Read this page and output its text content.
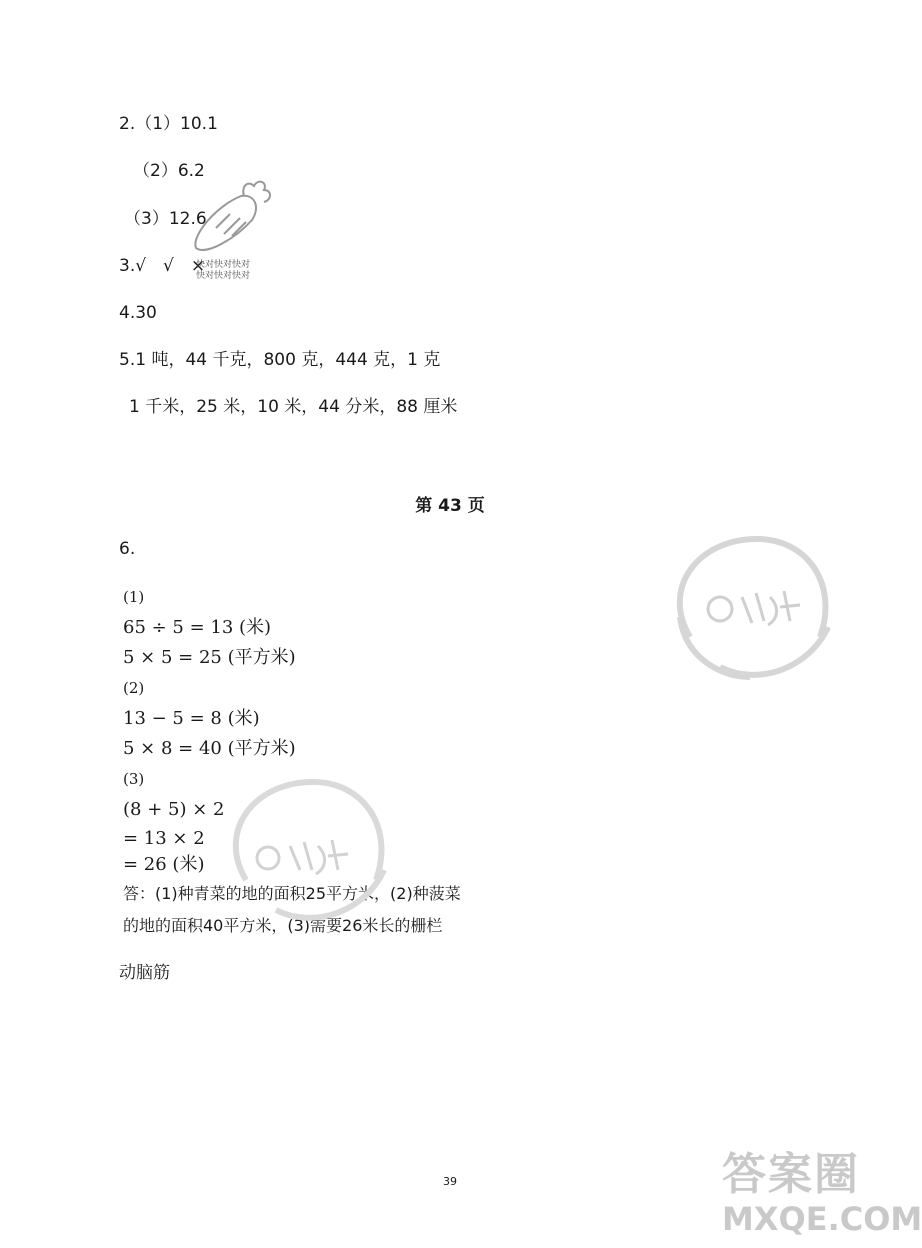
2.（1）10.1
（2）6.2
（3）12.6
3.√　√　×
快对快对快对
快对快对快对
4.30
5.1 吨，44 千克，800 克，444 克，1 克
1 千米，25 米，10 米，44 分米，88 厘米
第 43 页
6.
(1)
65 ÷ 5 = 13 (米)
5 × 5 = 25 (平方米)
(2)
13 − 5 = 8 (米)
5 × 8 = 40 (平方米)
(3)
(8 + 5) × 2
= 13 × 2
= 26 (米)
答：(1)种青菜的地的面积25平方米，(2)种菠菜
的地的面积40平方米，(3)需要26米长的栅栏
动脑筋
39	答案圈
MXQE.COM
